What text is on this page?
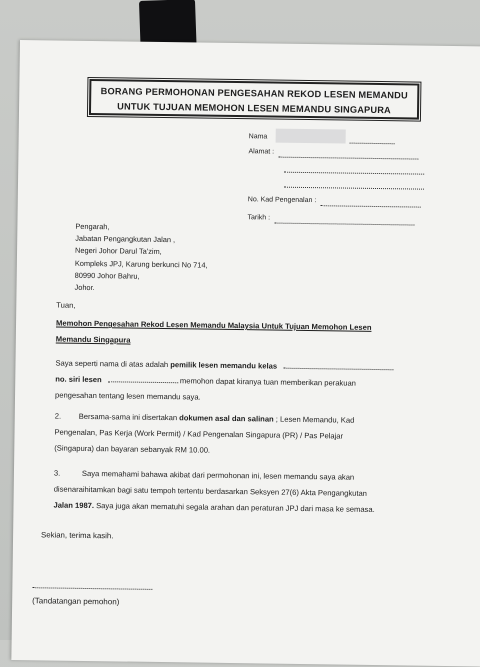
BORANG PERMOHONAN PENGESAHAN REKOD LESEN MEMANDU
UNTUK TUJUAN MEMOHON LESEN MEMANDU SINGAPURA
Nama
Alamat :
No. Kad Pengenalan :
Tarikh :
Pengarah,
Jabatan Pengangkutan Jalan ,
Negeri Johor Darul Ta'zim,
Kompleks JPJ, Karung berkunci No 714,
80990 Johor Bahru,
Johor.
Tuan,
Memohon Pengesahan Rekod Lesen Memandu Malaysia Untuk Tujuan Memohon Lesen
Memandu Singapura
Saya seperti nama di atas adalah pemilik lesen memandu kelas
no. siri lesen	memohon dapat kiranya tuan memberikan perakuan
pengesahan tentang lesen memandu saya.
2. Bersama-sama ini disertakan dokumen asal dan salinan ; Lesen Memandu, Kad
Pengenalan, Pas Kerja (Work Permit) / Kad Pengenalan Singapura (PR) / Pas Pelajar
(Singapura) dan bayaran sebanyak RM 10.00.
3.	Saya memahami bahawa akibat dari permohonan ini, lesen memandu saya akan
disenaraihitamkan bagi satu tempoh tertentu berdasarkan Seksyen 27(6) Akta Pengangkutan
Jalan 1987. Saya juga akan mematuhi segala arahan dan peraturan JPJ dari masa ke semasa.
Sekian, terima kasih.
(Tandatangan pemohon)
